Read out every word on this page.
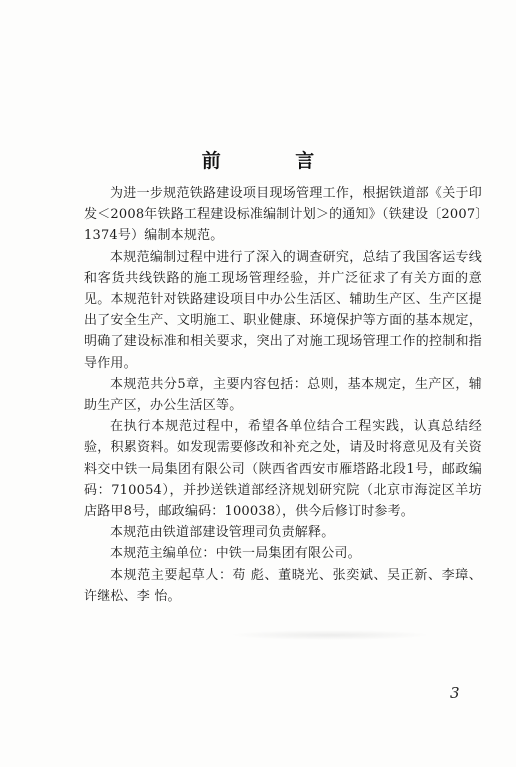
前 言

为进一步规范铁路建设项目现场管理工作，根据铁道部《关于印发＜2008年铁路工程建设标准编制计划＞的通知》（铁建设〔2007〕1374号）编制本规范。

本规范编制过程中进行了深入的调查研究，总结了我国客运专线和客货共线铁路的施工现场管理经验，并广泛征求了有关方面的意见。本规范针对铁路建设项目中办公生活区、辅助生产区、生产区提出了安全生产、文明施工、职业健康、环境保护等方面的基本规定，明确了建设标准和相关要求，突出了对施工现场管理工作的控制和指导作用。

本规范共分5章，主要内容包括：总则，基本规定，生产区，辅助生产区，办公生活区等。

在执行本规范过程中，希望各单位结合工程实践，认真总结经验，积累资料。如发现需要修改和补充之处，请及时将意见及有关资料交中铁一局集团有限公司（陕西省西安市雁塔路北段1号，邮政编码：710054），并抄送铁道部经济规划研究院（北京市海淀区羊坊店路甲8号，邮政编码：100038），供今后修订时参考。

本规范由铁道部建设管理司负责解释。

本规范主编单位：中铁一局集团有限公司。

本规范主要起草人：苟 彪、董晓光、张奕斌、吴正新、李璋、许继松、李 怡。

3
